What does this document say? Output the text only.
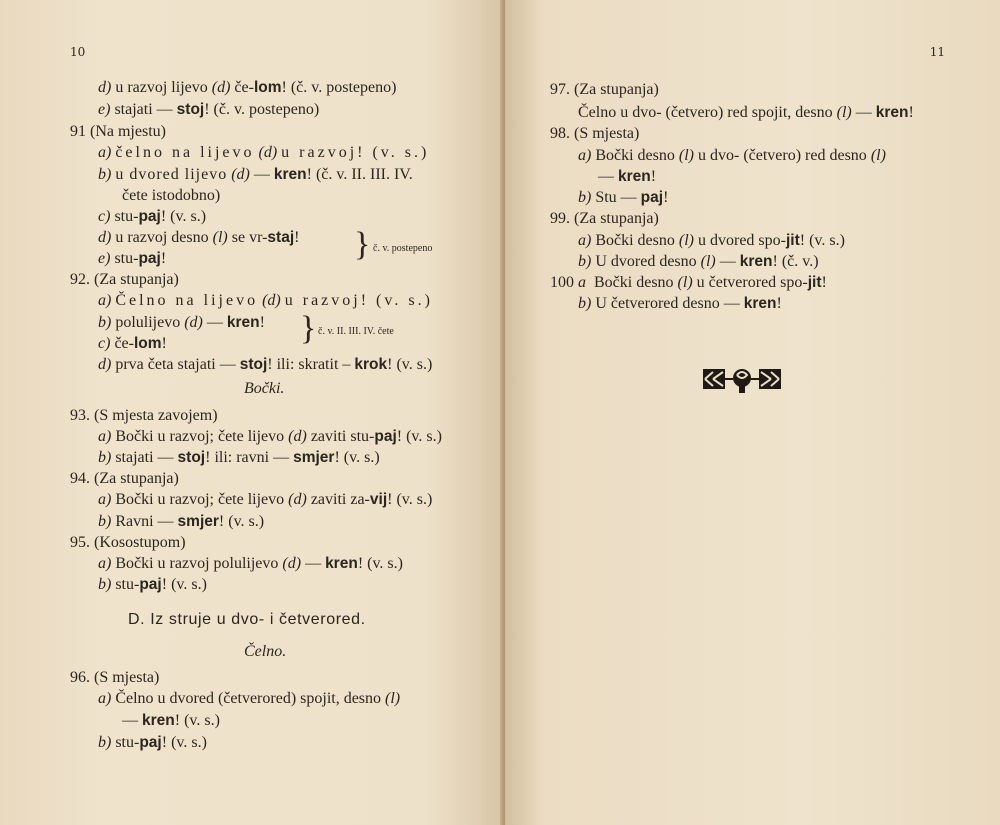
10
d) u razvoj lijevo (d) če-lom! (č. v. postepeno)
e) stajati — stoj! (č. v. postepeno)
91 (Na mjestu)
a) čelno na lijevo (d) u razvoj! (v. s.)
b) u dvored lijevo (d) — kren! (č. v. II. III. IV.
čete istodobno)
c) stu-paj! (v. s.)
d) u razvoj desno (l) se vr-staj!
e) stu-paj!	} č. v. postepeno
92. (Za stupanja)
a) Čelno na lijevo (d) u razvoj! (v. s.)
b) polulijevo (d) — kren!
c) če-lom!	} č. v. II. III. IV. čete
d) prva četa stajati — stoj! ili: skratit – krok! (v. s.)
Bočki.
93. (S mjesta zavojem)
a) Bočki u razvoj; čete lijevo (d) zaviti stu-paj! (v. s.)
b) stajati — stoj! ili: ravni — smjer! (v. s.)
94. (Za stupanja)
a) Bočki u razvoj; čete lijevo (d) zaviti za-vij! (v. s.)
b) Ravni — smjer! (v. s.)
95. (Kosostupom)
a) Bočki u razvoj polulijevo (d) — kren! (v. s.)
b) stu-paj! (v. s.)
D. Iz struje u dvo- i četverored.
Čelno.
96. (S mjesta)
a) Čelno u dvored (četverored) spojit, desno (l)
— kren! (v. s.)
b) stu-paj! (v. s.)
11
97. (Za stupanja)
Čelno u dvo- (četvero) red spojit, desno (l) — kren!
98. (S mjesta)
a) Bočki desno (l) u dvo- (četvero) red desno (l)
— kren!
b) Stu — paj!
99. (Za stupanja)
a) Bočki desno (l) u dvored spo-jit! (v. s.)
b) U dvored desno (l) — kren! (č. v.)
100 a Bočki desno (l) u četverored spo-jit!
b) U četverored desno — kren!
